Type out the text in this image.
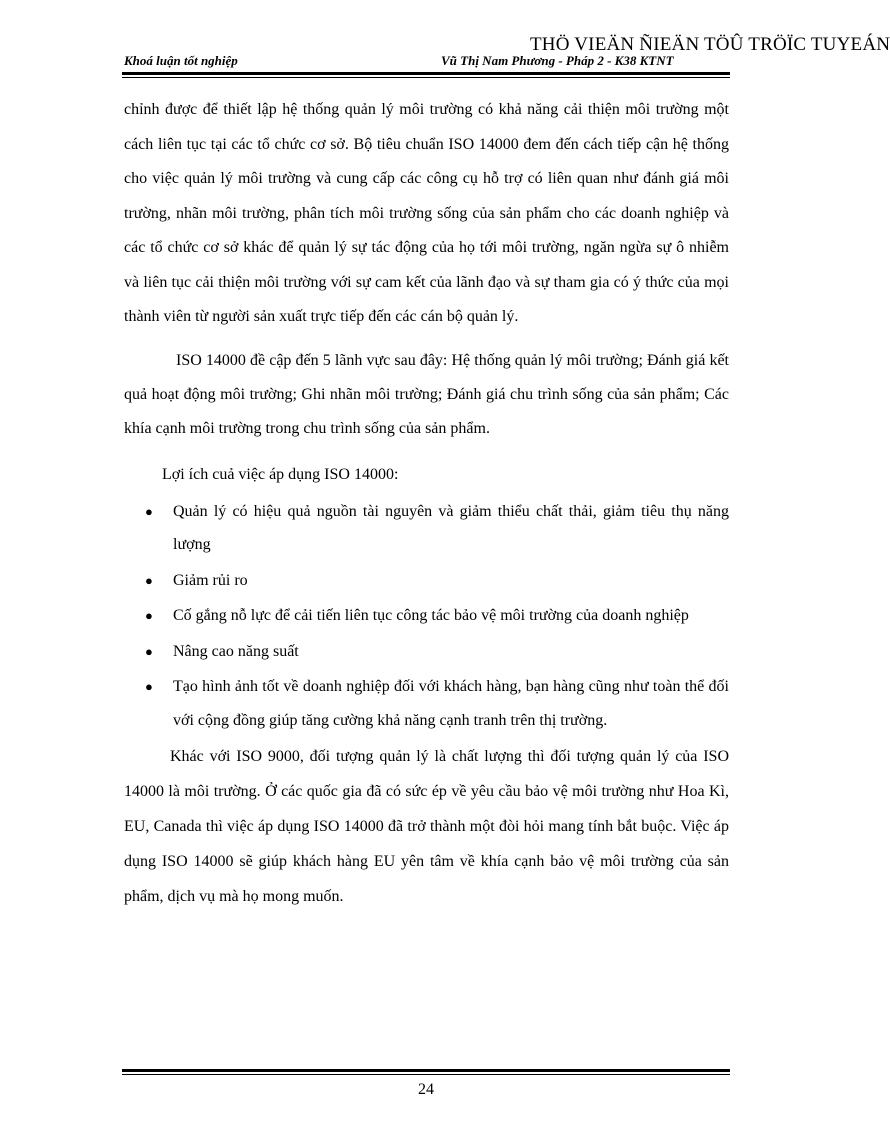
THÖ VIEÄN ÑIEÄN TÖÛ TRÖÏC TUYEÁN
Khoá luận tốt nghiệp	Vũ Thị Nam Phương - Pháp 2 - K38 KTNT

chỉnh được để thiết lập hệ thống quản lý môi trường có khả năng cải thiện môi trường một cách liên tục tại các tổ chức cơ sở. Bộ tiêu chuẩn ISO 14000 đem đến cách tiếp cận hệ thống cho việc quản lý môi trường và cung cấp các công cụ hỗ trợ có liên quan như đánh giá môi trường, nhãn môi trường, phân tích môi trường sống của sản phẩm cho các doanh nghiệp và các tổ chức cơ sở khác để quản lý sự tác động của họ tới môi trường, ngăn ngừa sự ô nhiễm và liên tục cải thiện môi trường với sự cam kết của lãnh đạo và sự tham gia có ý thức của mọi thành viên từ người sản xuất trực tiếp đến các cán bộ quản lý.

ISO 14000 đề cập đến 5 lãnh vực sau đây: Hệ thống quản lý môi trường; Đánh giá kết quả hoạt động môi trường; Ghi nhãn môi trường; Đánh giá chu trình sống của sản phẩm; Các khía cạnh môi trường trong chu trình sống của sản phẩm.

Lợi ích cuả việc áp dụng ISO 14000:

● Quản lý có hiệu quả nguồn tài nguyên và giảm thiểu chất thải, giảm tiêu thụ năng lượng
● Giảm rủi ro
● Cố gắng nỗ lực để cải tiến liên tục công tác bảo vệ môi trường của doanh nghiệp
● Nâng cao năng suất
● Tạo hình ảnh tốt về doanh nghiệp đối với khách hàng, bạn hàng cũng như toàn thể đối với cộng đồng giúp tăng cường khả năng cạnh tranh trên thị trường.

Khác với ISO 9000, đối tượng quản lý là chất lượng thì đối tượng quản lý của ISO 14000 là môi trường. Ở các quốc gia đã có sức ép về yêu cầu bảo vệ môi trường như Hoa Kì, EU, Canada thì việc áp dụng ISO 14000 đã trở thành một đòi hỏi mang tính bắt buộc. Việc áp dụng ISO 14000 sẽ giúp khách hàng EU yên tâm về khía cạnh bảo vệ môi trường của sản phẩm, dịch vụ mà họ mong muốn.

24
